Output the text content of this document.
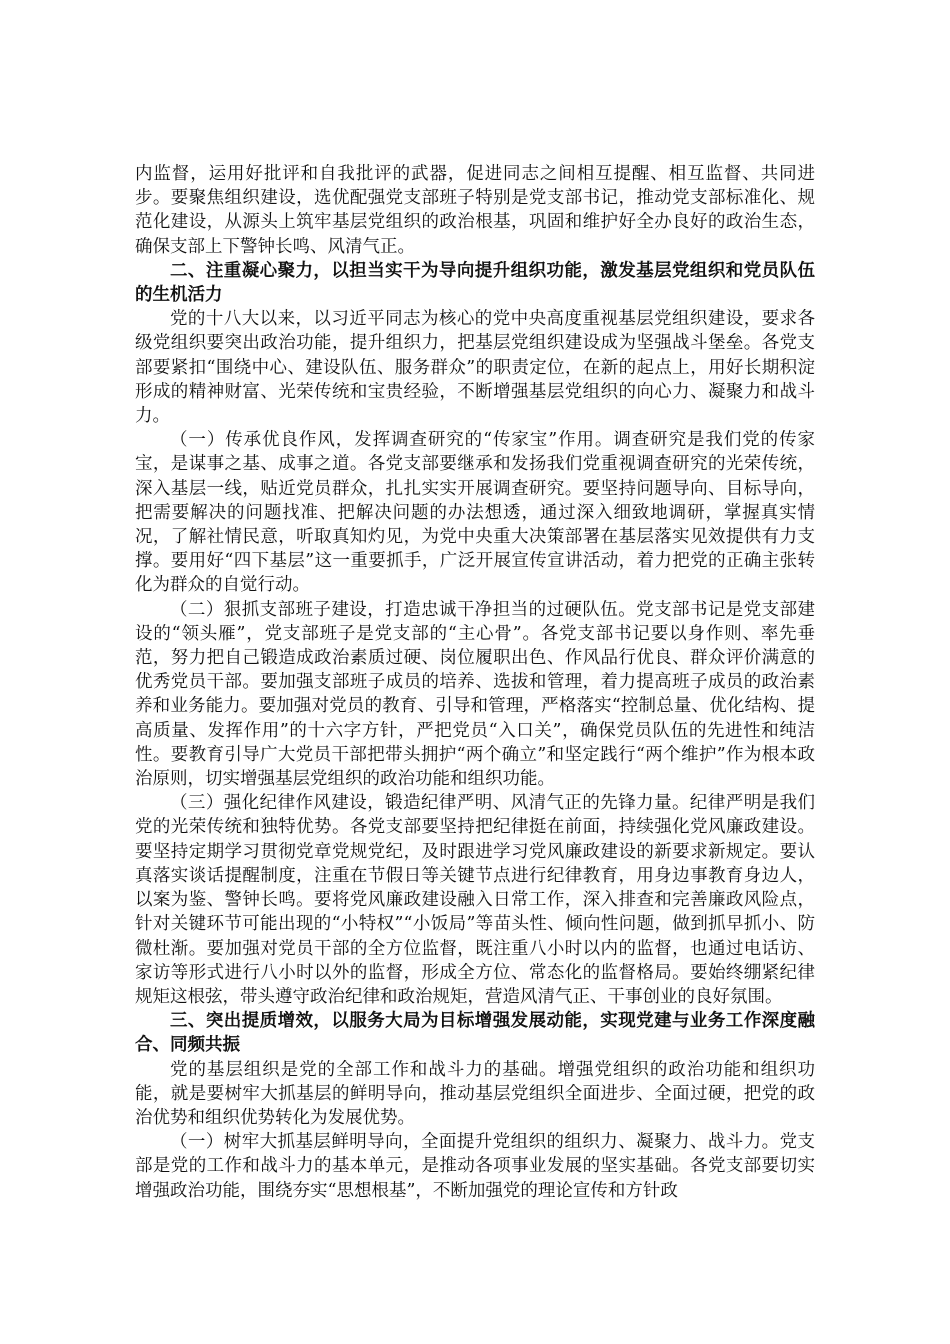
内监督，运用好批评和自我批评的武器，促进同志之间相互提醒、相互监督、共同进步。要聚焦组织建设，选优配强党支部班子特别是党支部书记，推动党支部标准化、规范化建设，从源头上筑牢基层党组织的政治根基，巩固和维护好全办良好的政治生态，确保支部上下警钟长鸣、风清气正。

二、注重凝心聚力，以担当实干为导向提升组织功能，激发基层党组织和党员队伍的生机活力

党的十八大以来，以习近平同志为核心的党中央高度重视基层党组织建设，要求各级党组织要突出政治功能，提升组织力，把基层党组织建设成为坚强战斗堡垒。各党支部要紧扣“围绕中心、建设队伍、服务群众”的职责定位，在新的起点上，用好长期积淀形成的精神财富、光荣传统和宝贵经验，不断增强基层党组织的向心力、凝聚力和战斗力。

（一）传承优良作风，发挥调查研究的“传家宝”作用。调查研究是我们党的传家宝，是谋事之基、成事之道。各党支部要继承和发扬我们党重视调查研究的光荣传统，深入基层一线，贴近党员群众，扎扎实实开展调查研究。要坚持问题导向、目标导向，把需要解决的问题找准、把解决问题的办法想透，通过深入细致地调研，掌握真实情况，了解社情民意，听取真知灼见，为党中央重大决策部署在基层落实见效提供有力支撑。要用好“四下基层”这一重要抓手，广泛开展宣传宣讲活动，着力把党的正确主张转化为群众的自觉行动。

（二）狠抓支部班子建设，打造忠诚干净担当的过硬队伍。党支部书记是党支部建设的“领头雁”，党支部班子是党支部的“主心骨”。各党支部书记要以身作则、率先垂范，努力把自己锻造成政治素质过硬、岗位履职出色、作风品行优良、群众评价满意的优秀党员干部。要加强支部班子成员的培养、选拔和管理，着力提高班子成员的政治素养和业务能力。要加强对党员的教育、引导和管理，严格落实“控制总量、优化结构、提高质量、发挥作用”的十六字方针，严把党员“入口关”，确保党员队伍的先进性和纯洁性。要教育引导广大党员干部把带头拥护“两个确立”和坚定践行“两个维护”作为根本政治原则，切实增强基层党组织的政治功能和组织功能。

（三）强化纪律作风建设，锻造纪律严明、风清气正的先锋力量。纪律严明是我们党的光荣传统和独特优势。各党支部要坚持把纪律挺在前面，持续强化党风廉政建设。要坚持定期学习贯彻党章党规党纪，及时跟进学习党风廉政建设的新要求新规定。要认真落实谈话提醒制度，注重在节假日等关键节点进行纪律教育，用身边事教育身边人，以案为鉴、警钟长鸣。要将党风廉政建设融入日常工作，深入排查和完善廉政风险点，针对关键环节可能出现的“小特权”“小饭局”等苗头性、倾向性问题，做到抓早抓小、防微杜渐。要加强对党员干部的全方位监督，既注重八小时以内的监督，也通过电话访、家访等形式进行八小时以外的监督，形成全方位、常态化的监督格局。要始终绷紧纪律规矩这根弦，带头遵守政治纪律和政治规矩，营造风清气正、干事创业的良好氛围。

三、突出提质增效，以服务大局为目标增强发展动能，实现党建与业务工作深度融合、同频共振

党的基层组织是党的全部工作和战斗力的基础。增强党组织的政治功能和组织功能，就是要树牢大抓基层的鲜明导向，推动基层党组织全面进步、全面过硬，把党的政治优势和组织优势转化为发展优势。

（一）树牢大抓基层鲜明导向，全面提升党组织的组织力、凝聚力、战斗力。党支部是党的工作和战斗力的基本单元，是推动各项事业发展的坚实基础。各党支部要切实增强政治功能，围绕夯实“思想根基”，不断加强党的理论宣传和方针政
